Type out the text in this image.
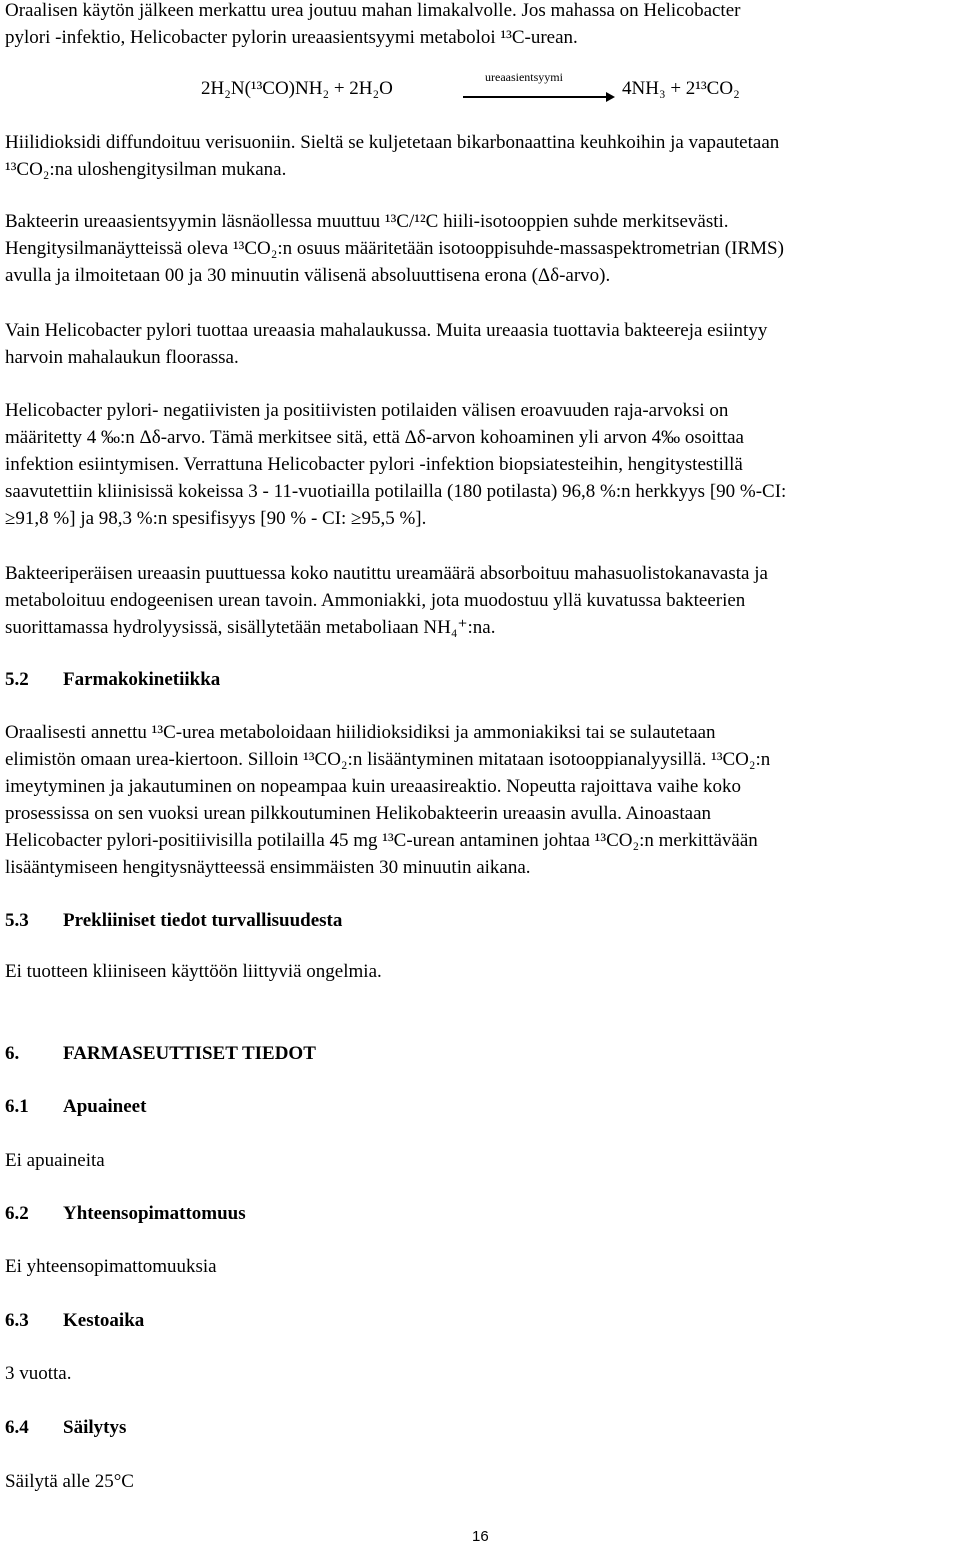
Oraalisen käytön jälkeen merkattu urea joutuu mahan limakalvolle. Jos mahassa on Helicobacter
pylori -infektio, Helicobacter pylorin ureaasientsyymi metaboloi ¹³C-urean.
2H₂N(¹³CO)NH₂ + 2H₂O
ureaasientsyymi
4NH₃ + 2¹³CO₂
Hiilidioksidi diffundoituu verisuoniin. Sieltä se kuljetetaan bikarbonaattina keuhkoihin ja vapautetaan
¹³CO₂:na uloshengitysilman mukana.
Bakteerin ureaasientsyymin läsnäollessa muuttuu ¹³C/¹²C hiili-isotooppien suhde merkitsevästi.
Hengitysilmanäytteissä oleva ¹³CO₂:n osuus määritetään isotooppisuhde-massaspektrometrian (IRMS)
avulla ja ilmoitetaan 00 ja 30 minuutin välisenä absoluuttisena erona (Δδ-arvo).
Vain Helicobacter pylori tuottaa ureaasia mahalaukussa. Muita ureaasia tuottavia bakteereja esiintyy
harvoin mahalaukun floorassa.
Helicobacter pylori- negatiivisten ja positiivisten potilaiden välisen eroavuuden raja-arvoksi on
määritetty 4 ‰:n Δδ-arvo. Tämä merkitsee sitä, että Δδ-arvon kohoaminen yli arvon 4‰ osoittaa
infektion esiintymisen. Verrattuna Helicobacter pylori -infektion biopsiatesteihin, hengitystestillä
saavutettiin kliinisissä kokeissa 3 - 11-vuotiailla potilailla (180 potilasta) 96,8 %:n herkkyys [90 %-CI:
≥91,8 %] ja 98,3 %:n spesifisyys [90 % - CI: ≥95,5 %].
Bakteeriperäisen ureaasin puuttuessa koko nautittu ureamäärä absorboituu mahasuolistokanavasta ja
metaboloituu endogeenisen urean tavoin. Ammoniakki, jota muodostuu yllä kuvatussa bakteerien
suorittamassa hydrolyysissä, sisällytetään metaboliaan NH₄⁺:na.
5.2 Farmakokinetiikka
Oraalisesti annettu ¹³C-urea metaboloidaan hiilidioksidiksi ja ammoniakiksi tai se sulautetaan
elimistön omaan urea-kiertoon. Silloin ¹³CO₂:n lisääntyminen mitataan isotooppianalyysillä. ¹³CO₂:n
imeytyminen ja jakautuminen on nopeampaa kuin ureaasireaktio. Nopeutta rajoittava vaihe koko
prosessissa on sen vuoksi urean pilkkoutuminen Helikobakteerin ureaasin avulla. Ainoastaan
Helicobacter pylori-positiivisilla potilailla 45 mg ¹³C-urean antaminen johtaa ¹³CO₂:n merkittävään
lisääntymiseen hengitysnäytteessä ensimmäisten 30 minuutin aikana.
5.3 Prekliiniset tiedot turvallisuudesta
Ei tuotteen kliiniseen käyttöön liittyviä ongelmia.
6. FARMASEUTTISET TIEDOT
6.1 Apuaineet
Ei apuaineita
6.2 Yhteensopimattomuus
Ei yhteensopimattomuuksia
6.3 Kestoaika
3 vuotta.
6.4 Säilytys
Säilytä alle 25°C
16
